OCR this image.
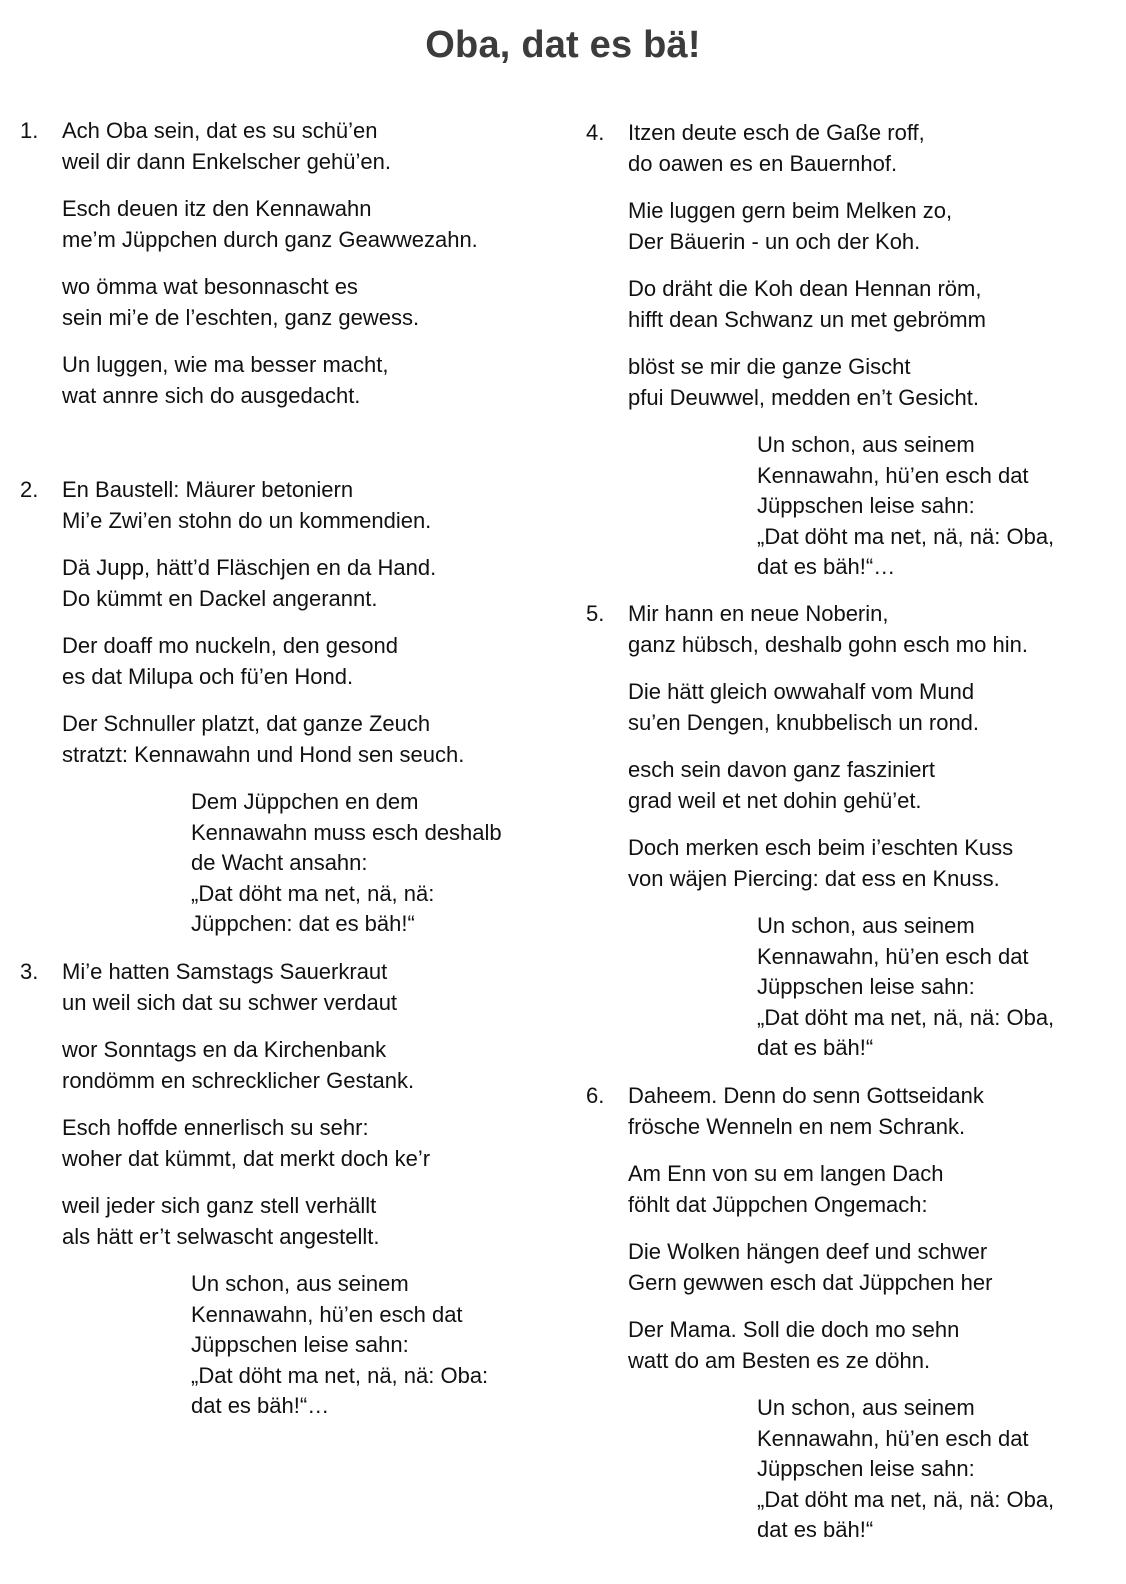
Oba, dat es bä!
1. Ach Oba sein, dat es su schü’en
weil dir dann Enkelscher gehü’en.
Esch deuen itz den Kennawahn
me’m Jüppchen durch ganz Geawwezahn.
wo ömma wat besonnascht es
sein mi’e de l’eschten, ganz gewess.
Un luggen, wie ma besser macht,
wat annre sich do ausgedacht.
2. En Baustell: Mäurer betoniern
Mi’e Zwi’en stohn do un kommendien.
Dä Jupp, hätt’d Fläschjen en da Hand.
Do kümmt en Dackel angerannt.
Der doaff mo nuckeln, den gesond
es dat Milupa och fü’en Hond.
Der Schnuller platzt, dat ganze Zeuch
stratzt: Kennawahn und Hond sen seuch.
Dem Jüppchen en dem
Kennawahn muss esch deshalb
de Wacht ansahn:
„Dat döht ma net, nä, nä:
Jüppchen: dat es bäh!“
3. Mi’e hatten Samstags Sauerkraut
un weil sich dat su schwer verdaut
wor Sonntags en da Kirchenbank
rondömm en schrecklicher Gestank.
Esch hoffde ennerlisch su sehr:
woher dat kümmt, dat merkt doch ke’r
weil jeder sich ganz stell verhällt
als hätt er’t selwascht angestellt.
Un schon, aus seinem
Kennawahn, hü’en esch dat
Jüppschen leise sahn:
„Dat döht ma net, nä, nä: Oba:
dat es bäh!“…
4. Itzen deute esch de Gaße roff,
do oawen es en Bauernhof.
Mie luggen gern beim Melken zo,
Der Bäuerin - un och der Koh.
Do dräht die Koh dean Hennan röm,
hifft dean Schwanz un met gebrömm
blöst se mir die ganze Gischt
pfui Deuwwel, medden en’t Gesicht.
Un schon, aus seinem
Kennawahn, hü’en esch dat
Jüppschen leise sahn:
„Dat döht ma net, nä, nä: Oba,
dat es bäh!“…
5. Mir hann en neue Noberin,
ganz hübsch, deshalb gohn esch mo hin.
Die hätt gleich owwahalf vom Mund
su’en Dengen, knubbelisch un rond.
esch sein davon ganz fasziniert
grad weil et net dohin gehü’et.
Doch merken esch beim i’eschten Kuss
von wäjen Piercing: dat ess en Knuss.
Un schon, aus seinem
Kennawahn, hü’en esch dat
Jüppschen leise sahn:
„Dat döht ma net, nä, nä: Oba,
dat es bäh!“
6. Daheem. Denn do senn Gottseidank
frösche Wenneln en nem Schrank.
Am Enn von su em langen Dach
föhlt dat Jüppchen Ongemach:
Die Wolken hängen deef und schwer
Gern gewwen esch dat Jüppchen her
Der Mama. Soll die doch mo sehn
watt do am Besten es ze döhn.
Un schon, aus seinem
Kennawahn, hü’en esch dat
Jüppschen leise sahn:
„Dat döht ma net, nä, nä: Oba,
dat es bäh!“
